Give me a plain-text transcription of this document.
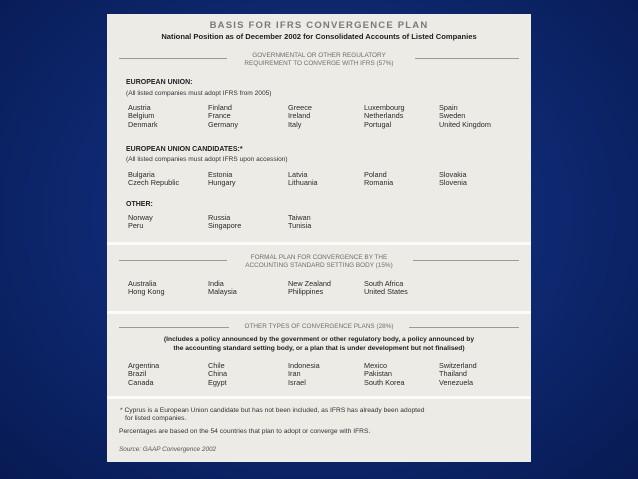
BASIS FOR IFRS CONVERGENCE PLAN
National Position as of December 2002 for Consolidated Accounts of Listed Companies
GOVERNMENTAL OR OTHER REGULATORY
REQUIREMENT TO CONVERGE WITH IFRS (57%)
EUROPEAN UNION:
(All listed companies must adopt IFRS from 2005)
Austria
Belgium
Denmark
Finland
France
Germany
Greece
Ireland
Italy
Luxembourg
Netherlands
Portugal
Spain
Sweden
United Kingdom
EUROPEAN UNION CANDIDATES:*
(All listed companies must adopt IFRS upon accession)
Bulgaria
Czech Republic
Estonia
Hungary
Latvia
Lithuania
Poland
Romania
Slovakia
Slovenia
OTHER:
Norway
Peru
Russia
Singapore
Taiwan
Tunisia
FORMAL PLAN FOR CONVERGENCE BY THE
ACCOUNTING STANDARD SETTING BODY (15%)
Australia
Hong Kong
India
Malaysia
New Zealand
Philippines
South Africa
United States
OTHER TYPES OF CONVERGENCE PLANS (28%)
(Includes a policy announced by the government or other regulatory body, a policy announced by
the accounting standard setting body, or a plan that is under development but not finalised)
Argentina
Brazil
Canada
Chile
China
Egypt
Indonesia
Iran
Israel
Mexico
Pakistan
South Korea
Switzerland
Thailand
Venezuela
* Cyprus is a European Union candidate but has not been included, as IFRS has already been adopted
for listed companies.
Percentages are based on the 54 countries that plan to adopt or converge with IFRS.
Source: GAAP Convergence 2002
